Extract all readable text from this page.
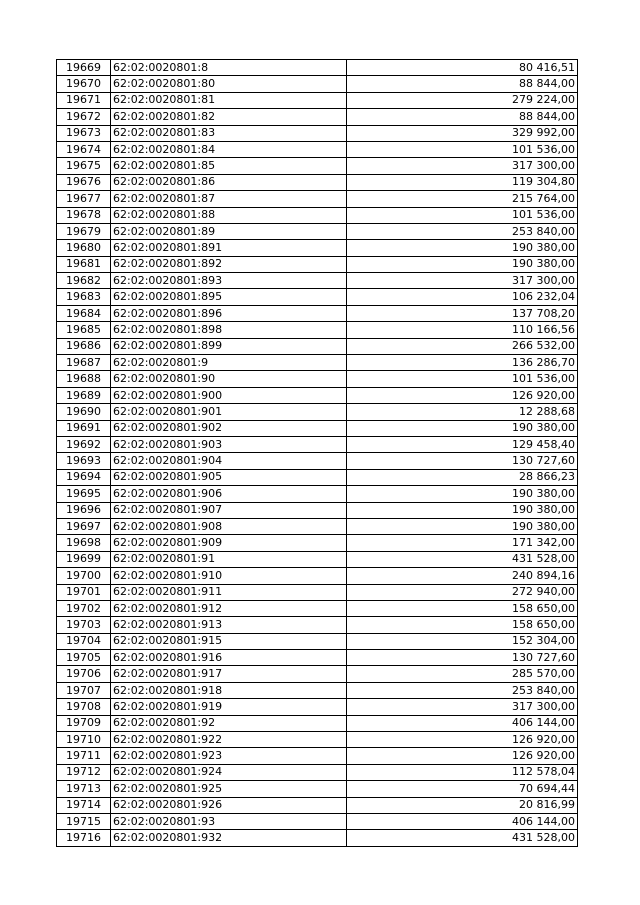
19669	62:02:0020801:8	80 416,51
19670	62:02:0020801:80	88 844,00
19671	62:02:0020801:81	279 224,00
19672	62:02:0020801:82	88 844,00
19673	62:02:0020801:83	329 992,00
19674	62:02:0020801:84	101 536,00
19675	62:02:0020801:85	317 300,00
19676	62:02:0020801:86	119 304,80
19677	62:02:0020801:87	215 764,00
19678	62:02:0020801:88	101 536,00
19679	62:02:0020801:89	253 840,00
19680	62:02:0020801:891	190 380,00
19681	62:02:0020801:892	190 380,00
19682	62:02:0020801:893	317 300,00
19683	62:02:0020801:895	106 232,04
19684	62:02:0020801:896	137 708,20
19685	62:02:0020801:898	110 166,56
19686	62:02:0020801:899	266 532,00
19687	62:02:0020801:9	136 286,70
19688	62:02:0020801:90	101 536,00
19689	62:02:0020801:900	126 920,00
19690	62:02:0020801:901	12 288,68
19691	62:02:0020801:902	190 380,00
19692	62:02:0020801:903	129 458,40
19693	62:02:0020801:904	130 727,60
19694	62:02:0020801:905	28 866,23
19695	62:02:0020801:906	190 380,00
19696	62:02:0020801:907	190 380,00
19697	62:02:0020801:908	190 380,00
19698	62:02:0020801:909	171 342,00
19699	62:02:0020801:91	431 528,00
19700	62:02:0020801:910	240 894,16
19701	62:02:0020801:911	272 940,00
19702	62:02:0020801:912	158 650,00
19703	62:02:0020801:913	158 650,00
19704	62:02:0020801:915	152 304,00
19705	62:02:0020801:916	130 727,60
19706	62:02:0020801:917	285 570,00
19707	62:02:0020801:918	253 840,00
19708	62:02:0020801:919	317 300,00
19709	62:02:0020801:92	406 144,00
19710	62:02:0020801:922	126 920,00
19711	62:02:0020801:923	126 920,00
19712	62:02:0020801:924	112 578,04
19713	62:02:0020801:925	70 694,44
19714	62:02:0020801:926	20 816,99
19715	62:02:0020801:93	406 144,00
19716	62:02:0020801:932	431 528,00
